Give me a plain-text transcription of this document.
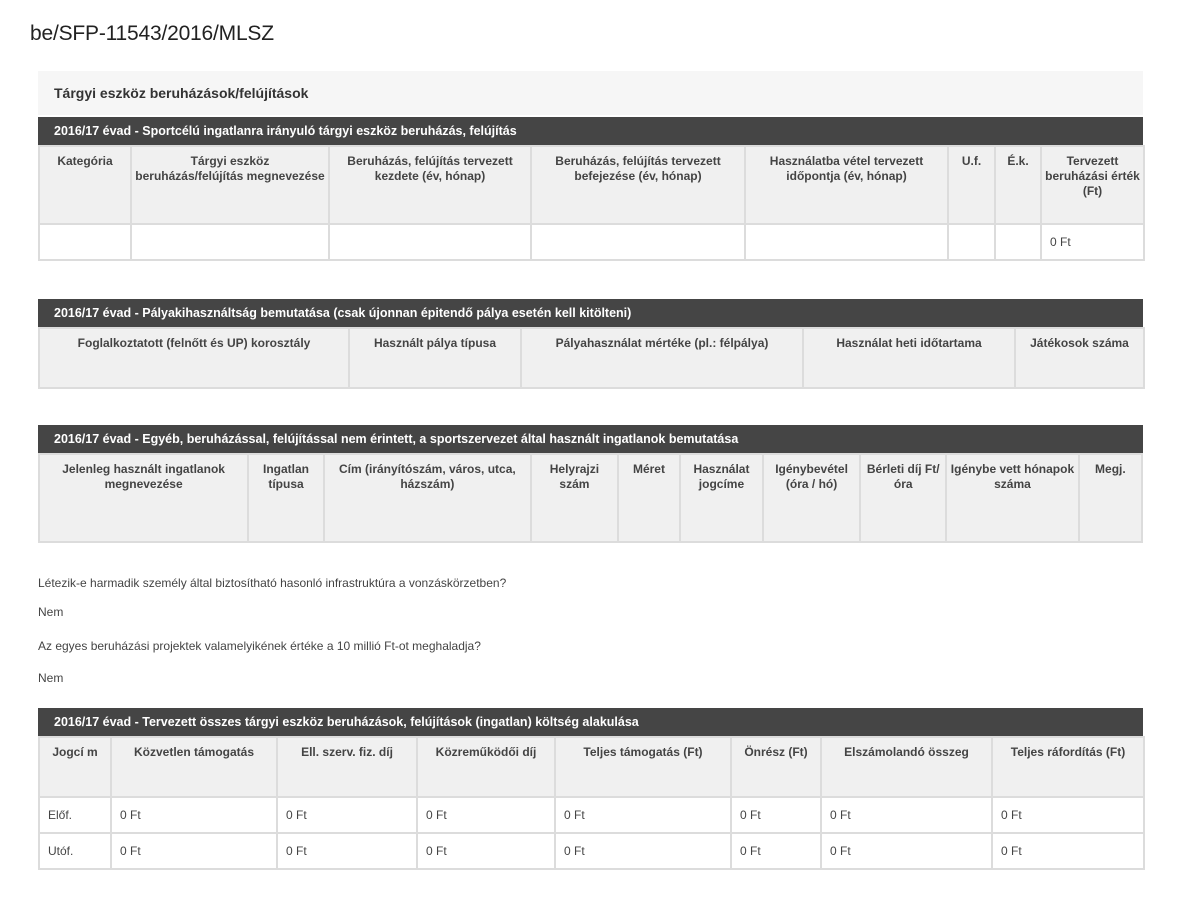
be/SFP-11543/2016/MLSZ
Tárgyi eszköz beruházások/felújítások
2016/17 évad - Sportcélú ingatlanra irányuló tárgyi eszköz beruházás, felújítás
Kategória	Tárgyi eszköz beruházás/felújítás megnevezése	Beruházás, felújítás tervezett kezdete (év, hónap)	Beruházás, felújítás tervezett befejezése (év, hónap)	Használatba vétel tervezett időpontja (év, hónap)	U.f.	É.k.	Tervezett beruházási érték (Ft)
							0 Ft
2016/17 évad - Pályakihasználtság bemutatása (csak újonnan épitendő pálya esetén kell kitölteni)
Foglalkoztatott (felnőtt és UP) korosztály	Használt pálya típusa	Pályahasználat mértéke (pl.: félpálya)	Használat heti időtartama	Játékosok száma
2016/17 évad - Egyéb, beruházással, felújítással nem érintett, a sportszervezet által használt ingatlanok bemutatása
Jelenleg használt ingatlanok megnevezése	Ingatlan típusa	Cím (irányítószám, város, utca, házszám)	Helyrajzi szám	Méret	Használat jogcíme	Igénybevétel (óra / hó)	Bérleti díj Ft/óra	Igénybe vett hónapok száma	Megj.
Létezik-e harmadik személy által biztosítható hasonló infrastruktúra a vonzáskörzetben?
Nem
Az egyes beruházási projektek valamelyikének értéke a 10 millió Ft-ot meghaladja?
Nem
2016/17 évad - Tervezett összes tárgyi eszköz beruházások, felújítások (ingatlan) költség alakulása
Jogcí m	Közvetlen támogatás	Ell. szerv. fiz. díj	Közreműködői díj	Teljes támogatás (Ft)	Önrész (Ft)	Elszámolandó összeg	Teljes ráfordítás (Ft)
Előf.	0 Ft	0 Ft	0 Ft	0 Ft	0 Ft	0 Ft	0 Ft
Utóf.	0 Ft	0 Ft	0 Ft	0 Ft	0 Ft	0 Ft	0 Ft
